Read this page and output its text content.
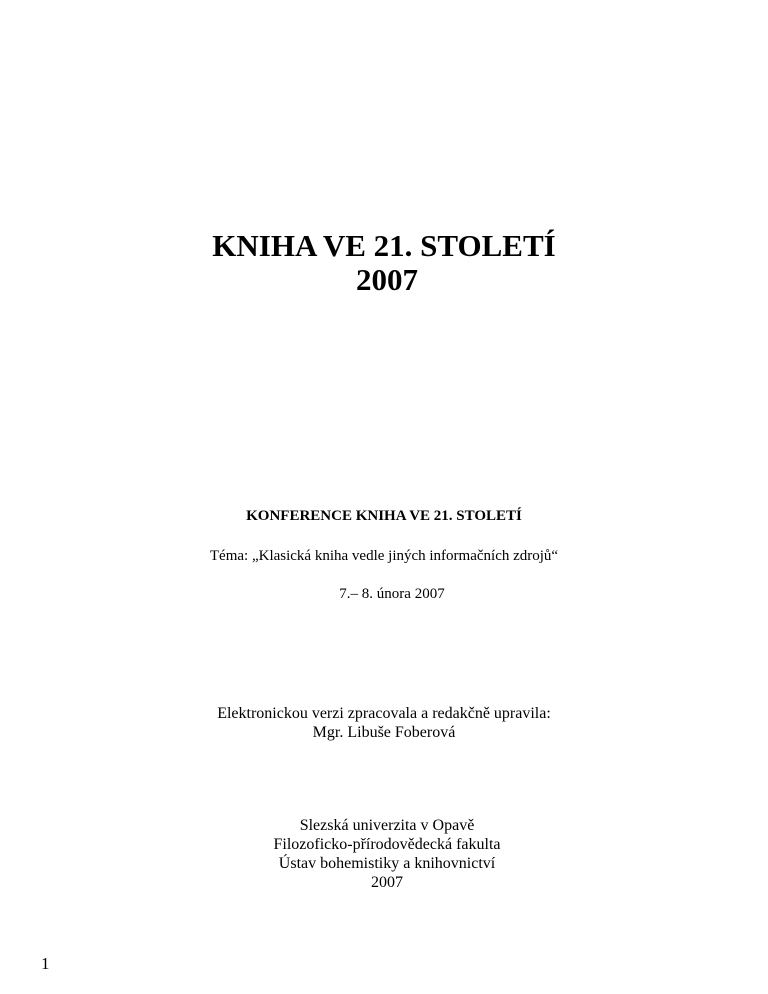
KNIHA VE 21. STOLETÍ
2007
KONFERENCE KNIHA VE 21. STOLETÍ
Téma: „Klasická kniha vedle jiných informačních zdrojů“
7.– 8. února 2007
Elektronickou verzi zpracovala a redakčně upravila:
Mgr. Libuše Foberová
Slezská univerzita v Opavě
Filozoficko-přírodovědecká fakulta
Ústav bohemistiky a knihovnictví
2007
1
